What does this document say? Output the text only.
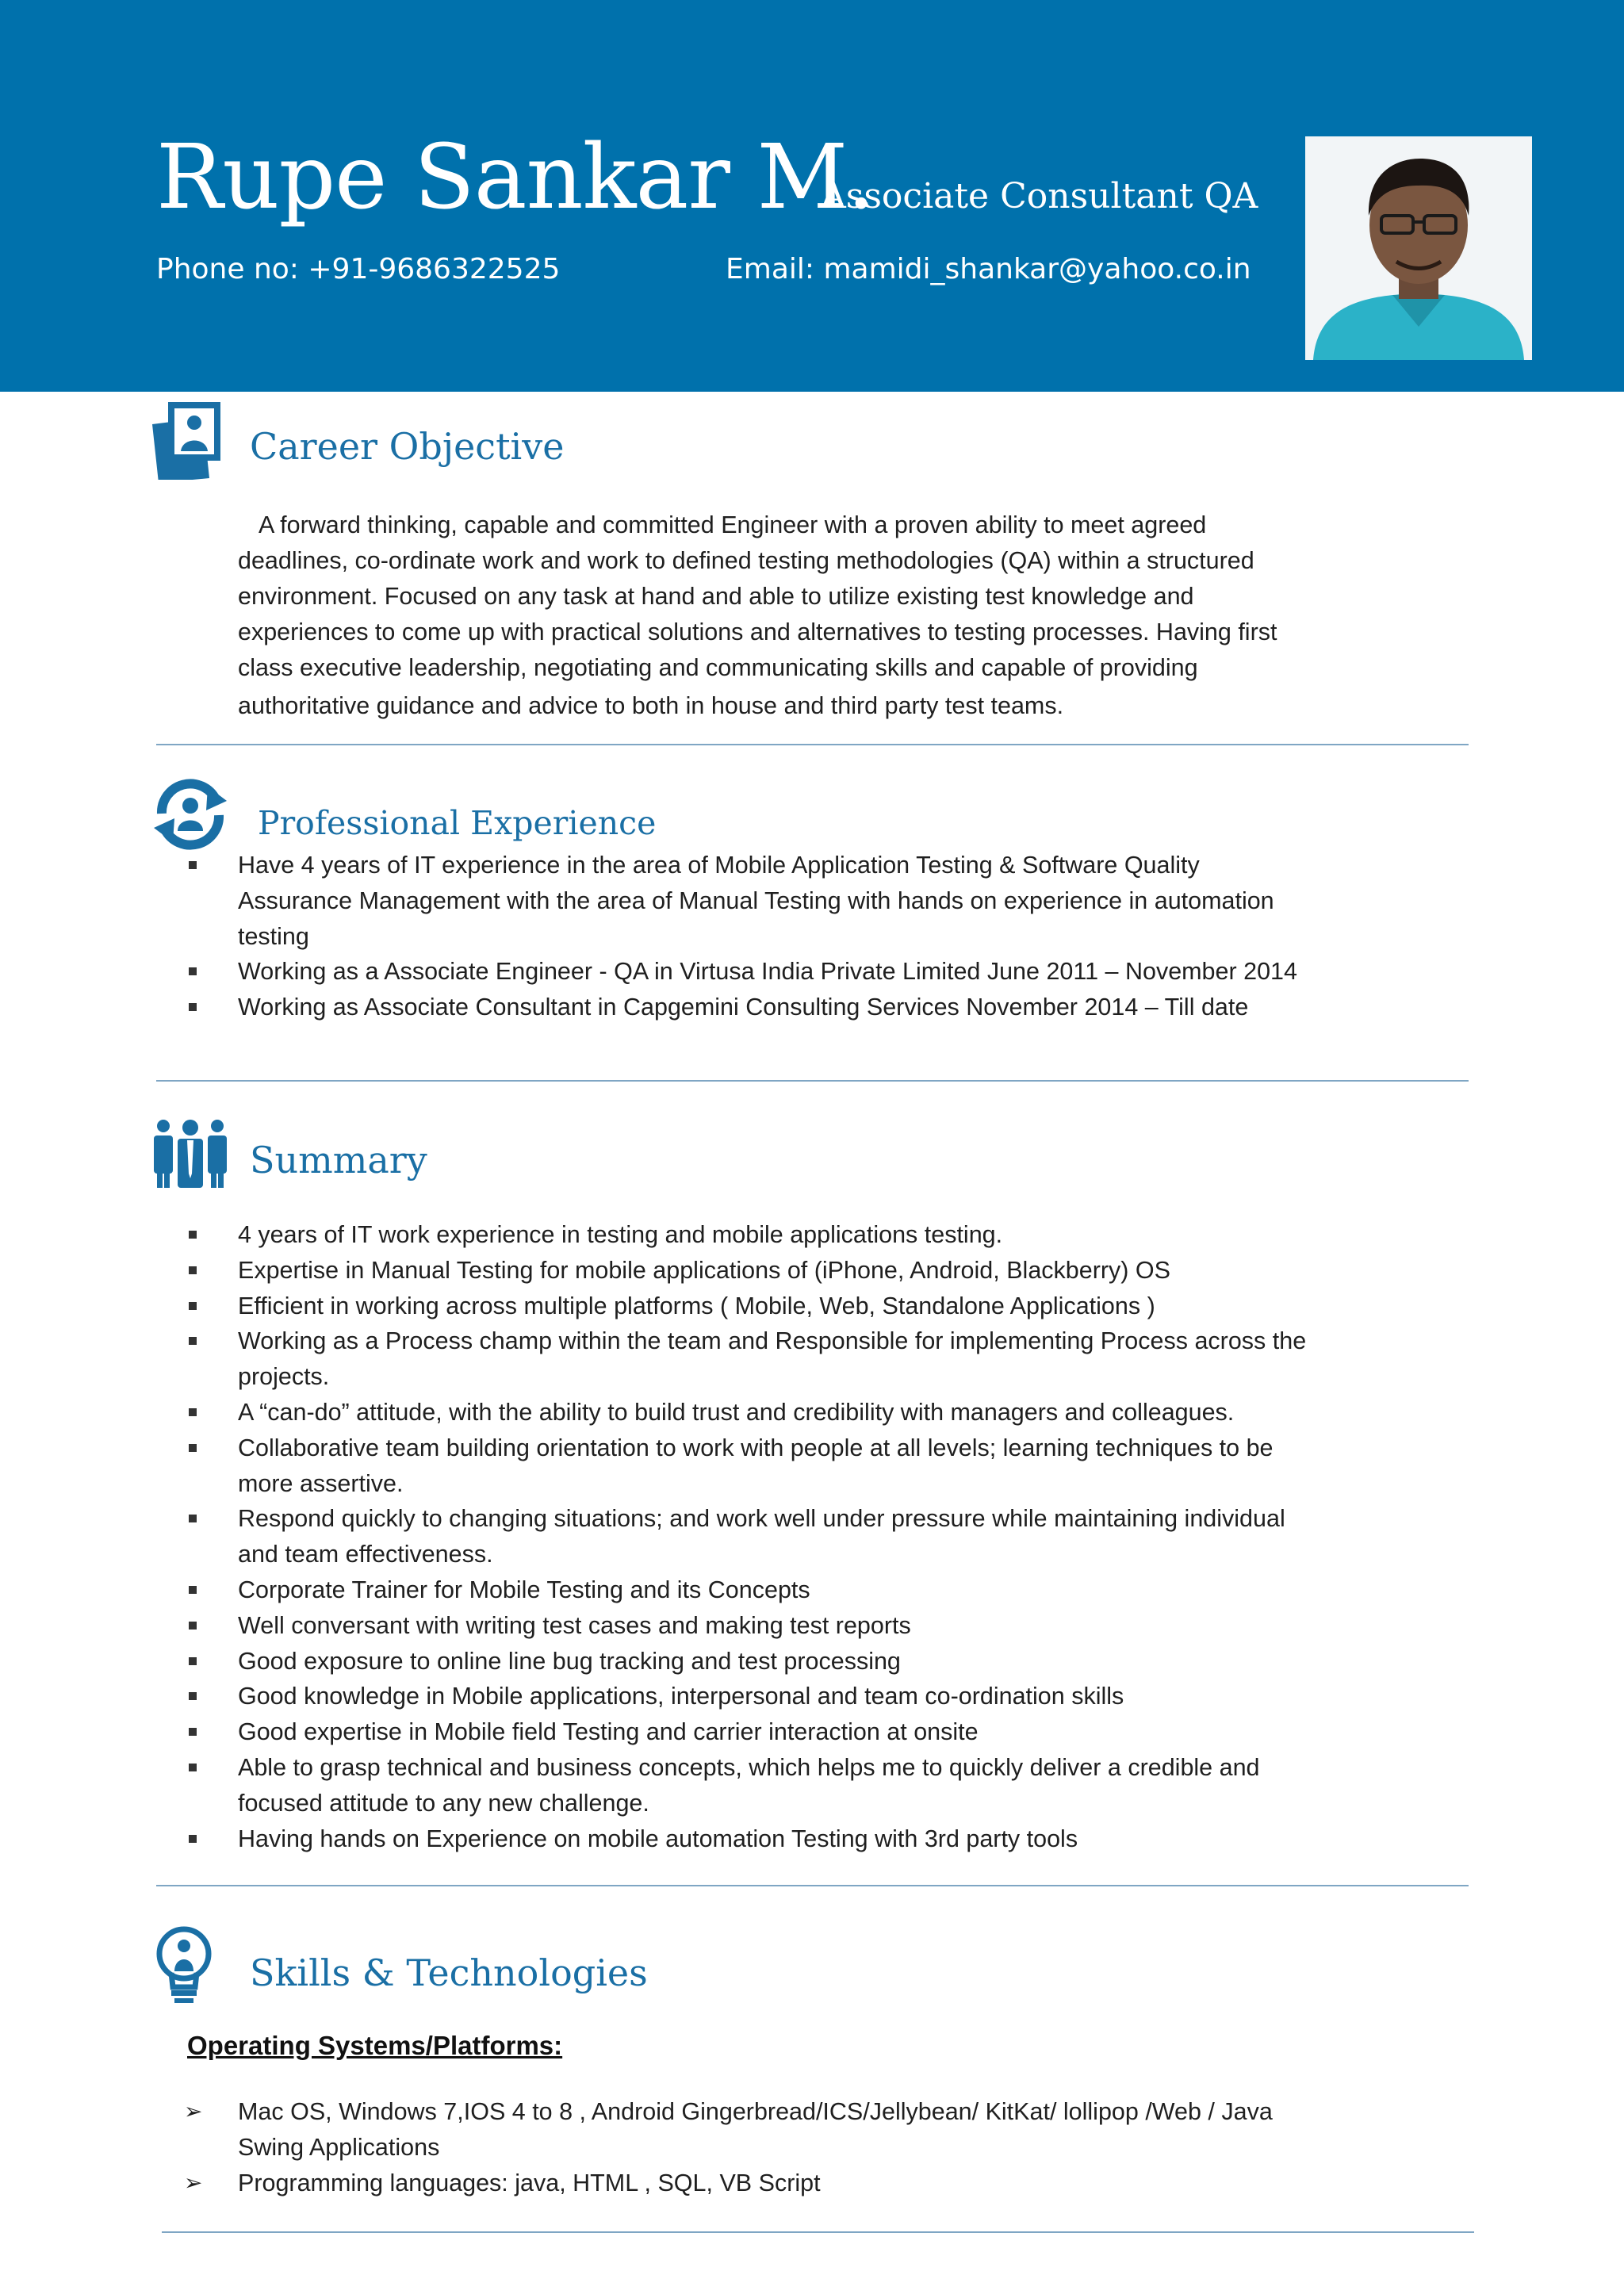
Rupe Sankar M.
Associate Consultant QA
Phone no: +91-9686322525	Email: mamidi_shankar@yahoo.co.in
Career Objective
A forward thinking, capable and committed Engineer with a proven ability to meet agreed
deadlines, co-ordinate work and work to defined testing methodologies (QA) within a structured
environment. Focused on any task at hand and able to utilize existing test knowledge and
experiences to come up with practical solutions and alternatives to testing processes. Having first
class executive leadership, negotiating and communicating skills and capable of providing
authoritative guidance and advice to both in house and third party test teams.
Professional Experience
Have 4 years of IT experience in the area of Mobile Application Testing & Software Quality
Assurance Management with the area of Manual Testing with hands on experience in automation
testing
Working as a Associate Engineer - QA in Virtusa India Private Limited June 2011 – November 2014
Working as Associate Consultant in Capgemini Consulting Services November 2014 – Till date
Summary
4 years of IT work experience in testing and mobile applications testing.
Expertise in Manual Testing for mobile applications of (iPhone, Android, Blackberry) OS
Efficient in working across multiple platforms ( Mobile, Web, Standalone Applications )
Working as a Process champ within the team and Responsible for implementing Process across the
projects.
A “can-do” attitude, with the ability to build trust and credibility with managers and colleagues.
Collaborative team building orientation to work with people at all levels; learning techniques to be
more assertive.
Respond quickly to changing situations; and work well under pressure while maintaining individual
and team effectiveness.
Corporate Trainer for Mobile Testing and its Concepts
Well conversant with writing test cases and making test reports
Good exposure to online line bug tracking and test processing
Good knowledge in Mobile applications, interpersonal and team co-ordination skills
Good expertise in Mobile field Testing and carrier interaction at onsite
Able to grasp technical and business concepts, which helps me to quickly deliver a credible and
focused attitude to any new challenge.
Having hands on Experience on mobile automation Testing with 3rd party tools
Skills & Technologies
Operating Systems/Platforms:
➢ Mac OS, Windows 7,IOS 4 to 8 , Android Gingerbread/ICS/Jellybean/ KitKat/ lollipop /Web / Java
Swing Applications
➢ Programming languages: java, HTML , SQL, VB Script
